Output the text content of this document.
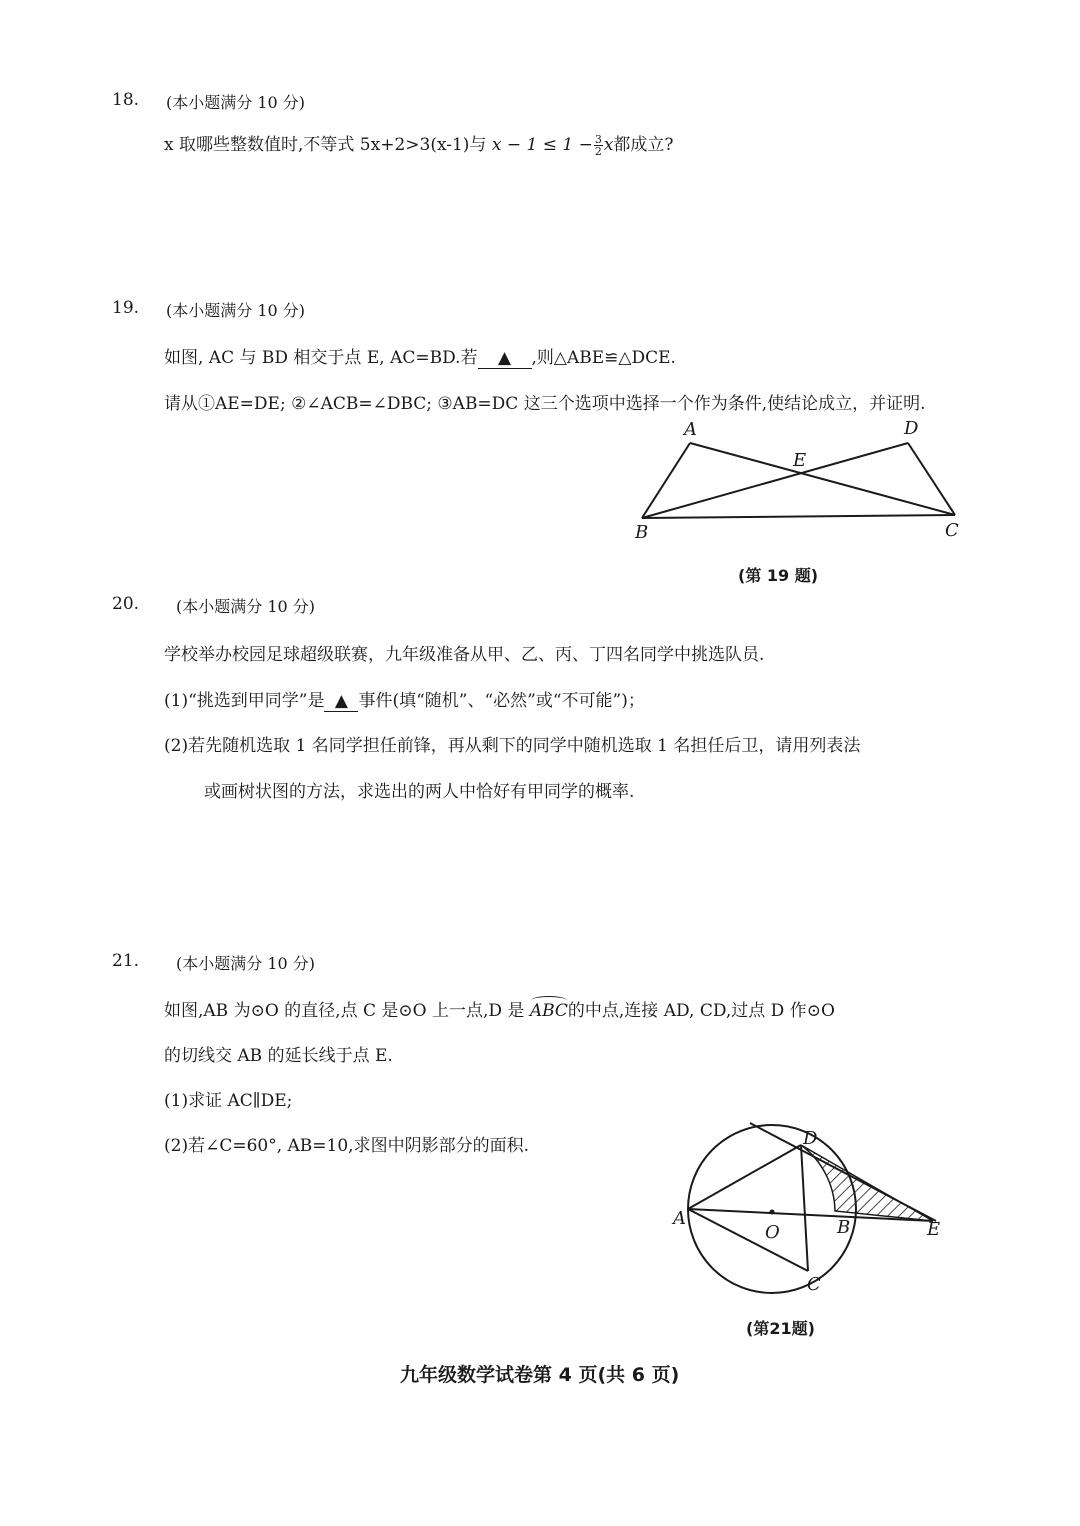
18. (本小题满分 10 分)
x 取哪些整数值时,不等式 5x+2>3(x-1)与 $x - 1 \le 1 - \frac{3}{2}$ x都成立?
19. (本小题满分 10 分)
如图, AC 与 BD 相交于点 E, AC=BD.若 ▲ ,则△ABE≌△DCE.
请从①AE=DE; ②∠ACB=∠DBC; ③AB=DC 这三个选项中选择一个作为条件,使结论成立，并证明.
A	D
E
B	C
(第 19 题)
20. (本小题满分 10 分)
学校举办校园足球超级联赛，九年级准备从甲、乙、丙、丁四名同学中挑选队员.
(1)“挑选到甲同学”是 ▲ 事件(填“随机”、“必然”或“不可能”)；
(2)若先随机选取 1 名同学担任前锋，再从剩下的同学中随机选取 1 名担任后卫，请用列表法
或画树状图的方法，求选出的两人中恰好有甲同学的概率.
21. (本小题满分 10 分)
如图,AB 为⊙O 的直径,点 C 是⊙O 上一点,D 是
ABC的中点,连接 AD, CD,过点 D 作⊙O
的切线交 AB 的延长线于点 E.
(1)求证 AC∥DE;
(2)若∠C=60°, AB=10,求图中阴影部分的面积.
A
D
O	B	E
C
(第21题)
九年级数学试卷第 4 页(共 6 页)
